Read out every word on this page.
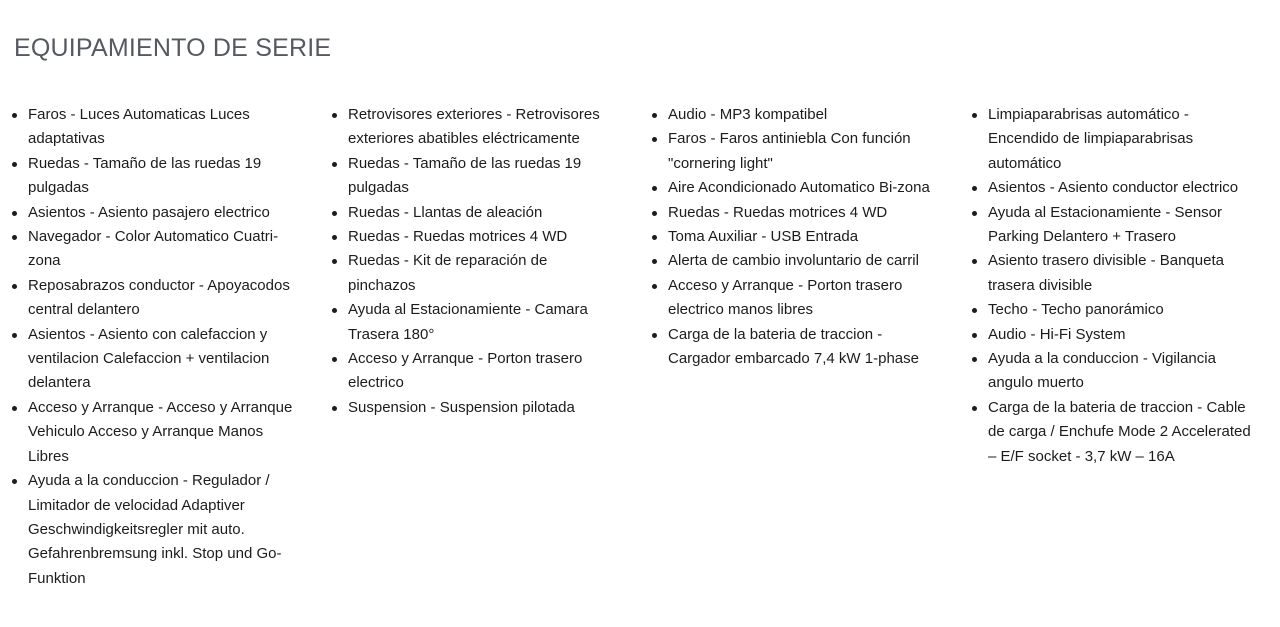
EQUIPAMIENTO DE SERIE
Faros - Luces Automaticas Luces adaptativas
Ruedas - Tamaño de las ruedas 19 pulgadas
Asientos - Asiento pasajero electrico
Navegador - Color Automatico Cuatri-zona
Reposabrazos conductor - Apoyacodos central delantero
Asientos - Asiento con calefaccion y ventilacion Calefaccion + ventilacion delantera
Acceso y Arranque - Acceso y Arranque Vehiculo Acceso y Arranque Manos Libres
Ayuda a la conduccion - Regulador / Limitador de velocidad Adaptiver Geschwindigkeitsregler mit auto. Gefahrenbremsung inkl. Stop und Go-Funktion
Retrovisores exteriores - Retrovisores exteriores abatibles eléctricamente
Ruedas - Tamaño de las ruedas 19 pulgadas
Ruedas - Llantas de aleación
Ruedas - Ruedas motrices 4 WD
Ruedas - Kit de reparación de pinchazos
Ayuda al Estacionamiente - Camara Trasera 180°
Acceso y Arranque - Porton trasero electrico
Suspension - Suspension pilotada
Audio - MP3 kompatibel
Faros - Faros antiniebla Con función "cornering light"
Aire Acondicionado Automatico Bi-zona
Ruedas - Ruedas motrices 4 WD
Toma Auxiliar - USB Entrada
Alerta de cambio involuntario de carril
Acceso y Arranque - Porton trasero electrico manos libres
Carga de la bateria de traccion - Cargador embarcado 7,4 kW 1-phase
Limpiaparabrisas automático - Encendido de limpiaparabrisas automático
Asientos - Asiento conductor electrico
Ayuda al Estacionamiente - Sensor Parking Delantero + Trasero
Asiento trasero divisible - Banqueta trasera divisible
Techo - Techo panorámico
Audio - Hi-Fi System
Ayuda a la conduccion - Vigilancia angulo muerto
Carga de la bateria de traccion - Cable de carga / Enchufe Mode 2 Accelerated – E/F socket - 3,7 kW – 16A
